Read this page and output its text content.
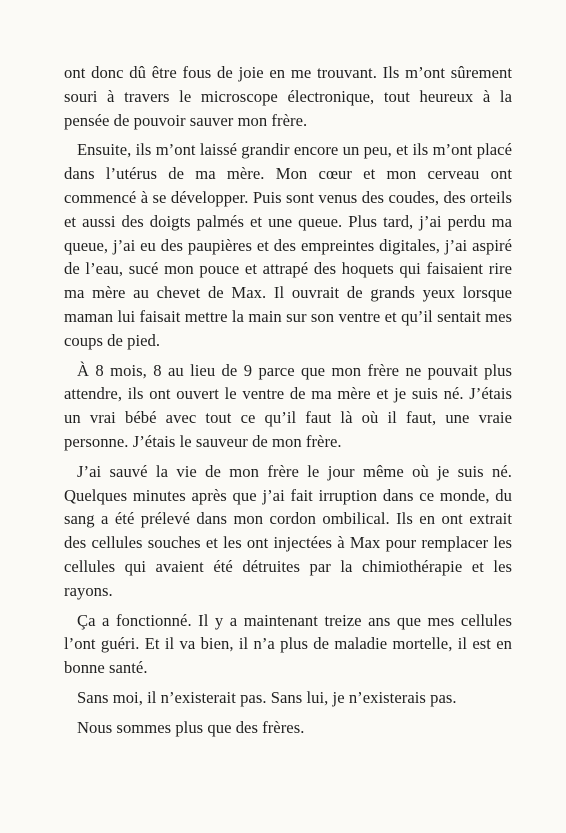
ont donc dû être fous de joie en me trouvant. Ils m’ont sûrement souri à travers le microscope électronique, tout heureux à la pensée de pouvoir sauver mon frère.

Ensuite, ils m’ont laissé grandir encore un peu, et ils m’ont placé dans l’utérus de ma mère. Mon cœur et mon cerveau ont commencé à se développer. Puis sont venus des coudes, des orteils et aussi des doigts palmés et une queue. Plus tard, j’ai perdu ma queue, j’ai eu des paupières et des empreintes digitales, j’ai aspiré de l’eau, sucé mon pouce et attrapé des hoquets qui faisaient rire ma mère au chevet de Max. Il ouvrait de grands yeux lorsque maman lui faisait mettre la main sur son ventre et qu’il sentait mes coups de pied.

À 8 mois, 8 au lieu de 9 parce que mon frère ne pouvait plus attendre, ils ont ouvert le ventre de ma mère et je suis né. J’étais un vrai bébé avec tout ce qu’il faut là où il faut, une vraie personne. J’étais le sauveur de mon frère.

J’ai sauvé la vie de mon frère le jour même où je suis né. Quelques minutes après que j’ai fait irruption dans ce monde, du sang a été prélevé dans mon cordon ombilical. Ils en ont extrait des cellules souches et les ont injectées à Max pour remplacer les cellules qui avaient été détruites par la chimiothérapie et les rayons.

Ça a fonctionné. Il y a maintenant treize ans que mes cellules l’ont guéri. Et il va bien, il n’a plus de maladie mortelle, il est en bonne santé.

Sans moi, il n’existerait pas. Sans lui, je n’existerais pas.

Nous sommes plus que des frères.
